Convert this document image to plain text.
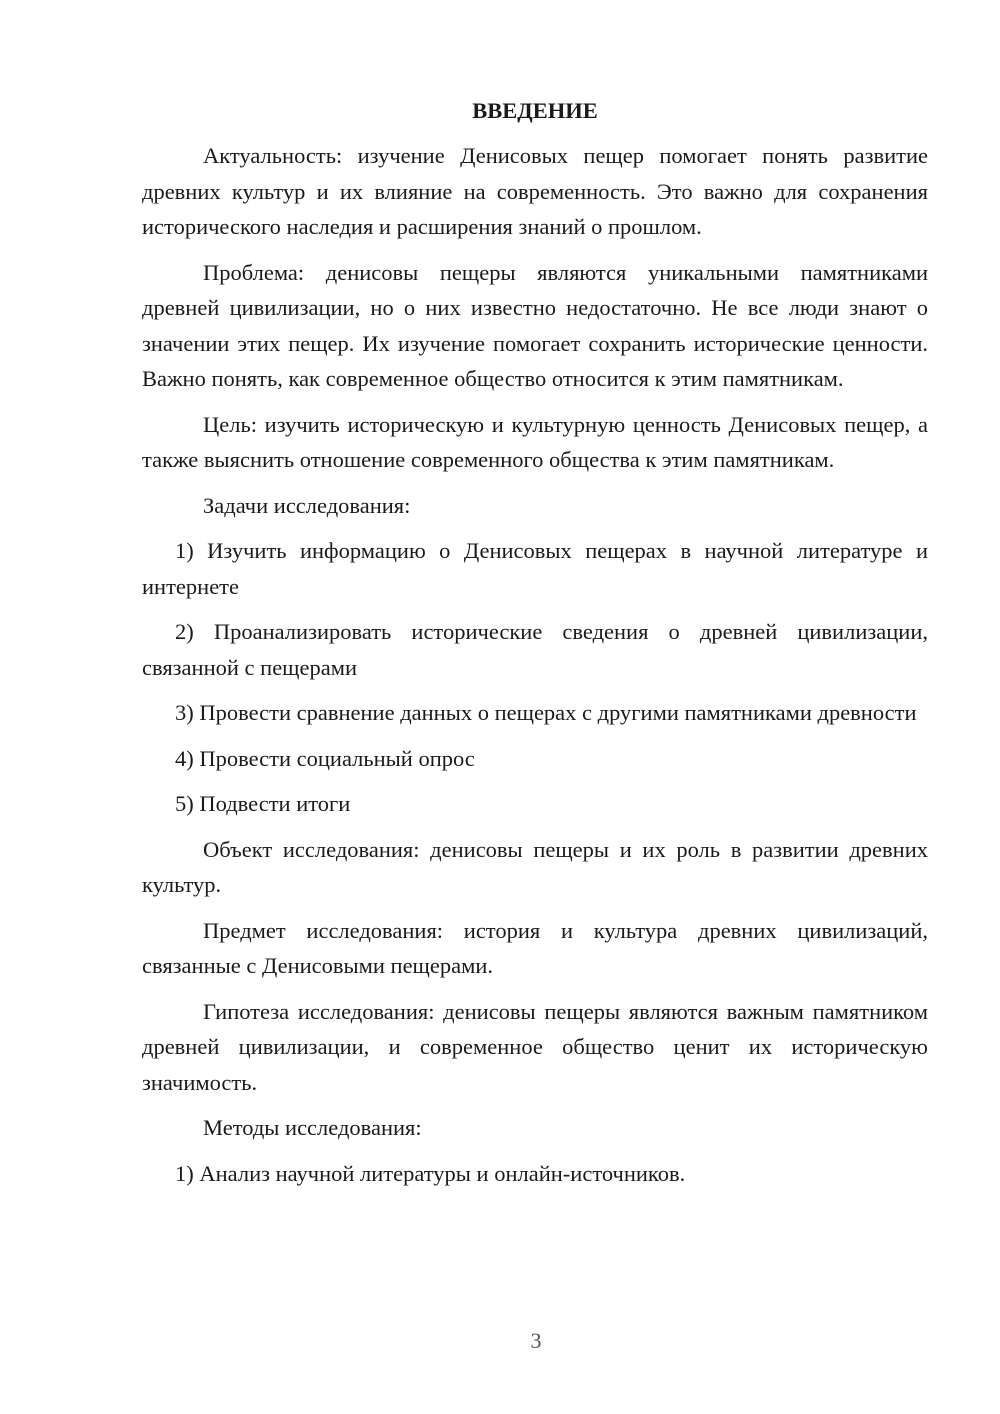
ВВЕДЕНИЕ

Актуальность: изучение Денисовых пещер помогает понять развитие древних культур и их влияние на современность. Это важно для сохранения исторического наследия и расширения знаний о прошлом.

Проблема: денисовы пещеры являются уникальными памятниками древней цивилизации, но о них известно недостаточно. Не все люди знают о значении этих пещер. Их изучение помогает сохранить исторические ценности. Важно понять, как современное общество относится к этим памятникам.

Цель: изучить историческую и культурную ценность Денисовых пещер, а также выяснить отношение современного общества к этим памятникам.

Задачи исследования:

1) Изучить информацию о Денисовых пещерах в научной литературе и интернете

2) Проанализировать исторические сведения о древней цивилизации, связанной с пещерами

3) Провести сравнение данных о пещерах с другими памятниками древности

4) Провести социальный опрос

5) Подвести итоги

Объект исследования: денисовы пещеры и их роль в развитии древних культур.

Предмет исследования: история и культура древних цивилизаций, связанные с Денисовыми пещерами.

Гипотеза исследования: денисовы пещеры являются важным памятником древней цивилизации, и современное общество ценит их историческую значимость.

Методы исследования:

1) Анализ научной литературы и онлайн-источников.

3
